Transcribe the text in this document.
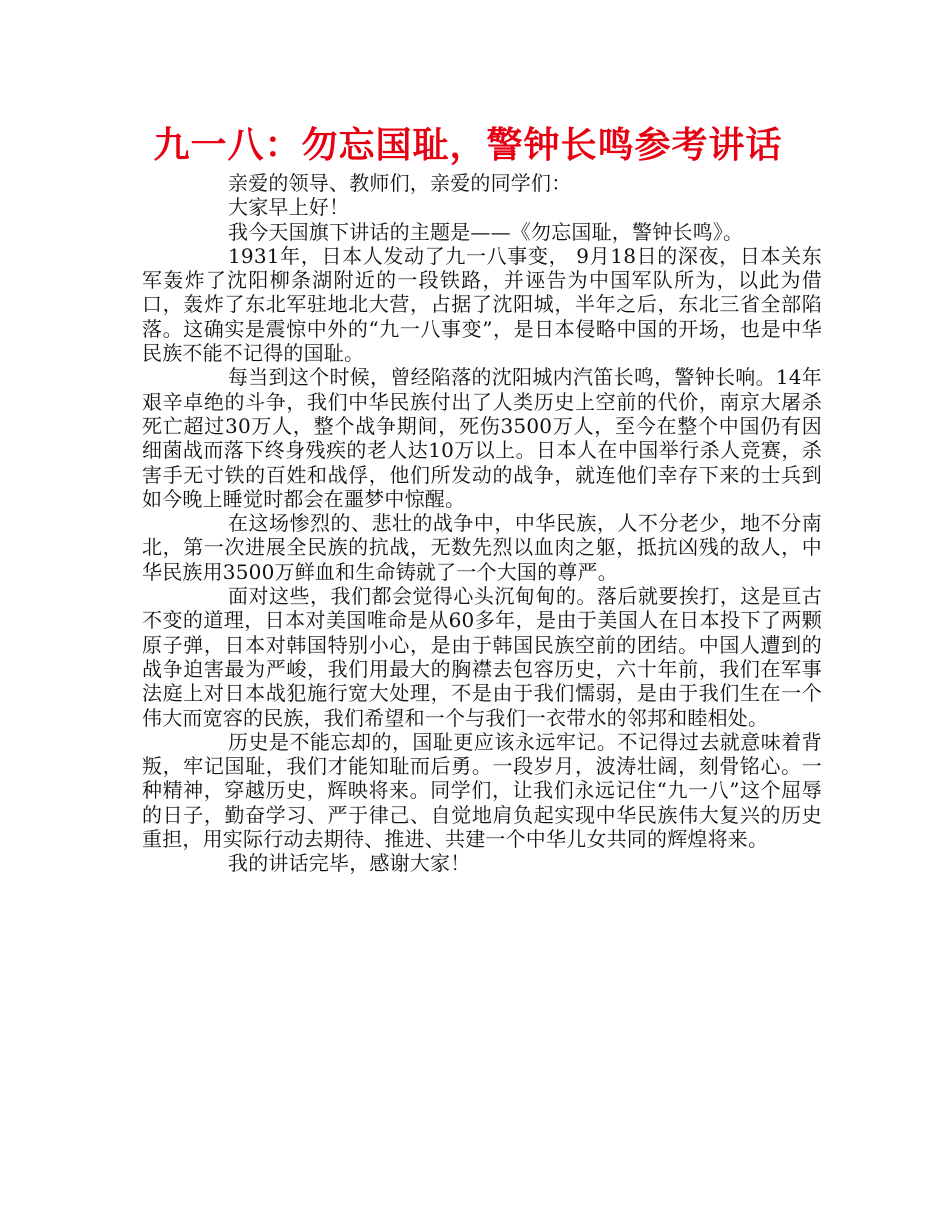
九一八：勿忘国耻，警钟长鸣参考讲话

亲爱的领导、教师们，亲爱的同学们：

大家早上好！

我今天国旗下讲话的主题是——《勿忘国耻，警钟长鸣》。

1931年，日本人发动了九一八事变， 9月18日的深夜，日本关东军轰炸了沈阳柳条湖附近的一段铁路，并诬告为中国军队所为，以此为借口，轰炸了东北军驻地北大营，占据了沈阳城，半年之后，东北三省全部陷落。这确实是震惊中外的“九一八事变”，是日本侵略中国的开场，也是中华民族不能不记得的国耻。

每当到这个时候，曾经陷落的沈阳城内汽笛长鸣，警钟长响。14年艰辛卓绝的斗争，我们中华民族付出了人类历史上空前的代价，南京大屠杀死亡超过30万人，整个战争期间，死伤3500万人，至今在整个中国仍有因细菌战而落下终身残疾的老人达10万以上。日本人在中国举行杀人竞赛，杀害手无寸铁的百姓和战俘，他们所发动的战争，就连他们幸存下来的士兵到如今晚上睡觉时都会在噩梦中惊醒。

在这场惨烈的、悲壮的战争中，中华民族，人不分老少，地不分南北，第一次进展全民族的抗战，无数先烈以血肉之躯，抵抗凶残的敌人，中华民族用3500万鲜血和生命铸就了一个大国的尊严。

面对这些，我们都会觉得心头沉甸甸的。落后就要挨打，这是亘古不变的道理，日本对美国唯命是从60多年，是由于美国人在日本投下了两颗原子弹，日本对韩国特别小心，是由于韩国民族空前的团结。中国人遭到的战争迫害最为严峻，我们用最大的胸襟去包容历史，六十年前，我们在军事法庭上对日本战犯施行宽大处理，不是由于我们懦弱，是由于我们生在一个伟大而宽容的民族，我们希望和一个与我们一衣带水的邻邦和睦相处。

历史是不能忘却的，国耻更应该永远牢记。不记得过去就意味着背叛，牢记国耻，我们才能知耻而后勇。一段岁月，波涛壮阔，刻骨铭心。一种精神，穿越历史，辉映将来。同学们，让我们永远记住“九一八”这个屈辱的日子，勤奋学习、严于律己、自觉地肩负起实现中华民族伟大复兴的历史重担，用实际行动去期待、推进、共建一个中华儿女共同的辉煌将来。

我的讲话完毕，感谢大家！
